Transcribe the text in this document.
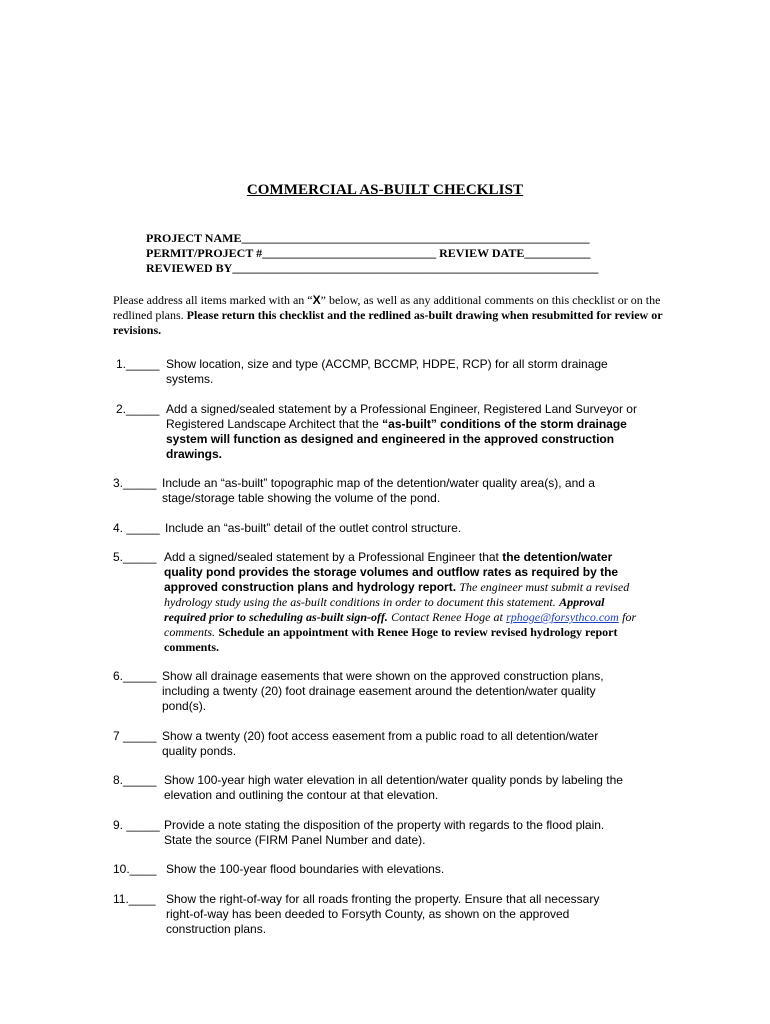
COMMERCIAL AS-BUILT CHECKLIST
PROJECT NAME__________________________________________________________
PERMIT/PROJECT #_____________________________ REVIEW DATE___________
REVIEWED BY_____________________________________________________________
Please address all items marked with an “X” below, as well as any additional comments on this checklist or on the redlined plans. Please return this checklist and the redlined as-built drawing when resubmitted for review or revisions.
1._____ Show location, size and type (ACCMP, BCCMP, HDPE, RCP) for all storm drainage systems.
2._____ Add a signed/sealed statement by a Professional Engineer, Registered Land Surveyor or Registered Landscape Architect that the “as-built” conditions of the storm drainage system will function as designed and engineered in the approved construction drawings.
3._____ Include an “as-built” topographic map of the detention/water quality area(s), and a stage/storage table showing the volume of the pond.
4. _____ Include an “as-built” detail of the outlet control structure.
5._____ Add a signed/sealed statement by a Professional Engineer that the detention/water quality pond provides the storage volumes and outflow rates as required by the approved construction plans and hydrology report. The engineer must submit a revised hydrology study using the as-built conditions in order to document this statement. Approval required prior to scheduling as-built sign-off. Contact Renee Hoge at rphoge@forsythco.com for comments. Schedule an appointment with Renee Hoge to review revised hydrology report comments.
6._____ Show all drainage easements that were shown on the approved construction plans, including a twenty (20) foot drainage easement around the detention/water quality pond(s).
7 _____ Show a twenty (20) foot access easement from a public road to all detention/water quality ponds.
8._____ Show 100-year high water elevation in all detention/water quality ponds by labeling the elevation and outlining the contour at that elevation.
9. _____ Provide a note stating the disposition of the property with regards to the flood plain. State the source (FIRM Panel Number and date).
10.____ Show the 100-year flood boundaries with elevations.
11.____ Show the right-of-way for all roads fronting the property. Ensure that all necessary right-of-way has been deeded to Forsyth County, as shown on the approved construction plans.
